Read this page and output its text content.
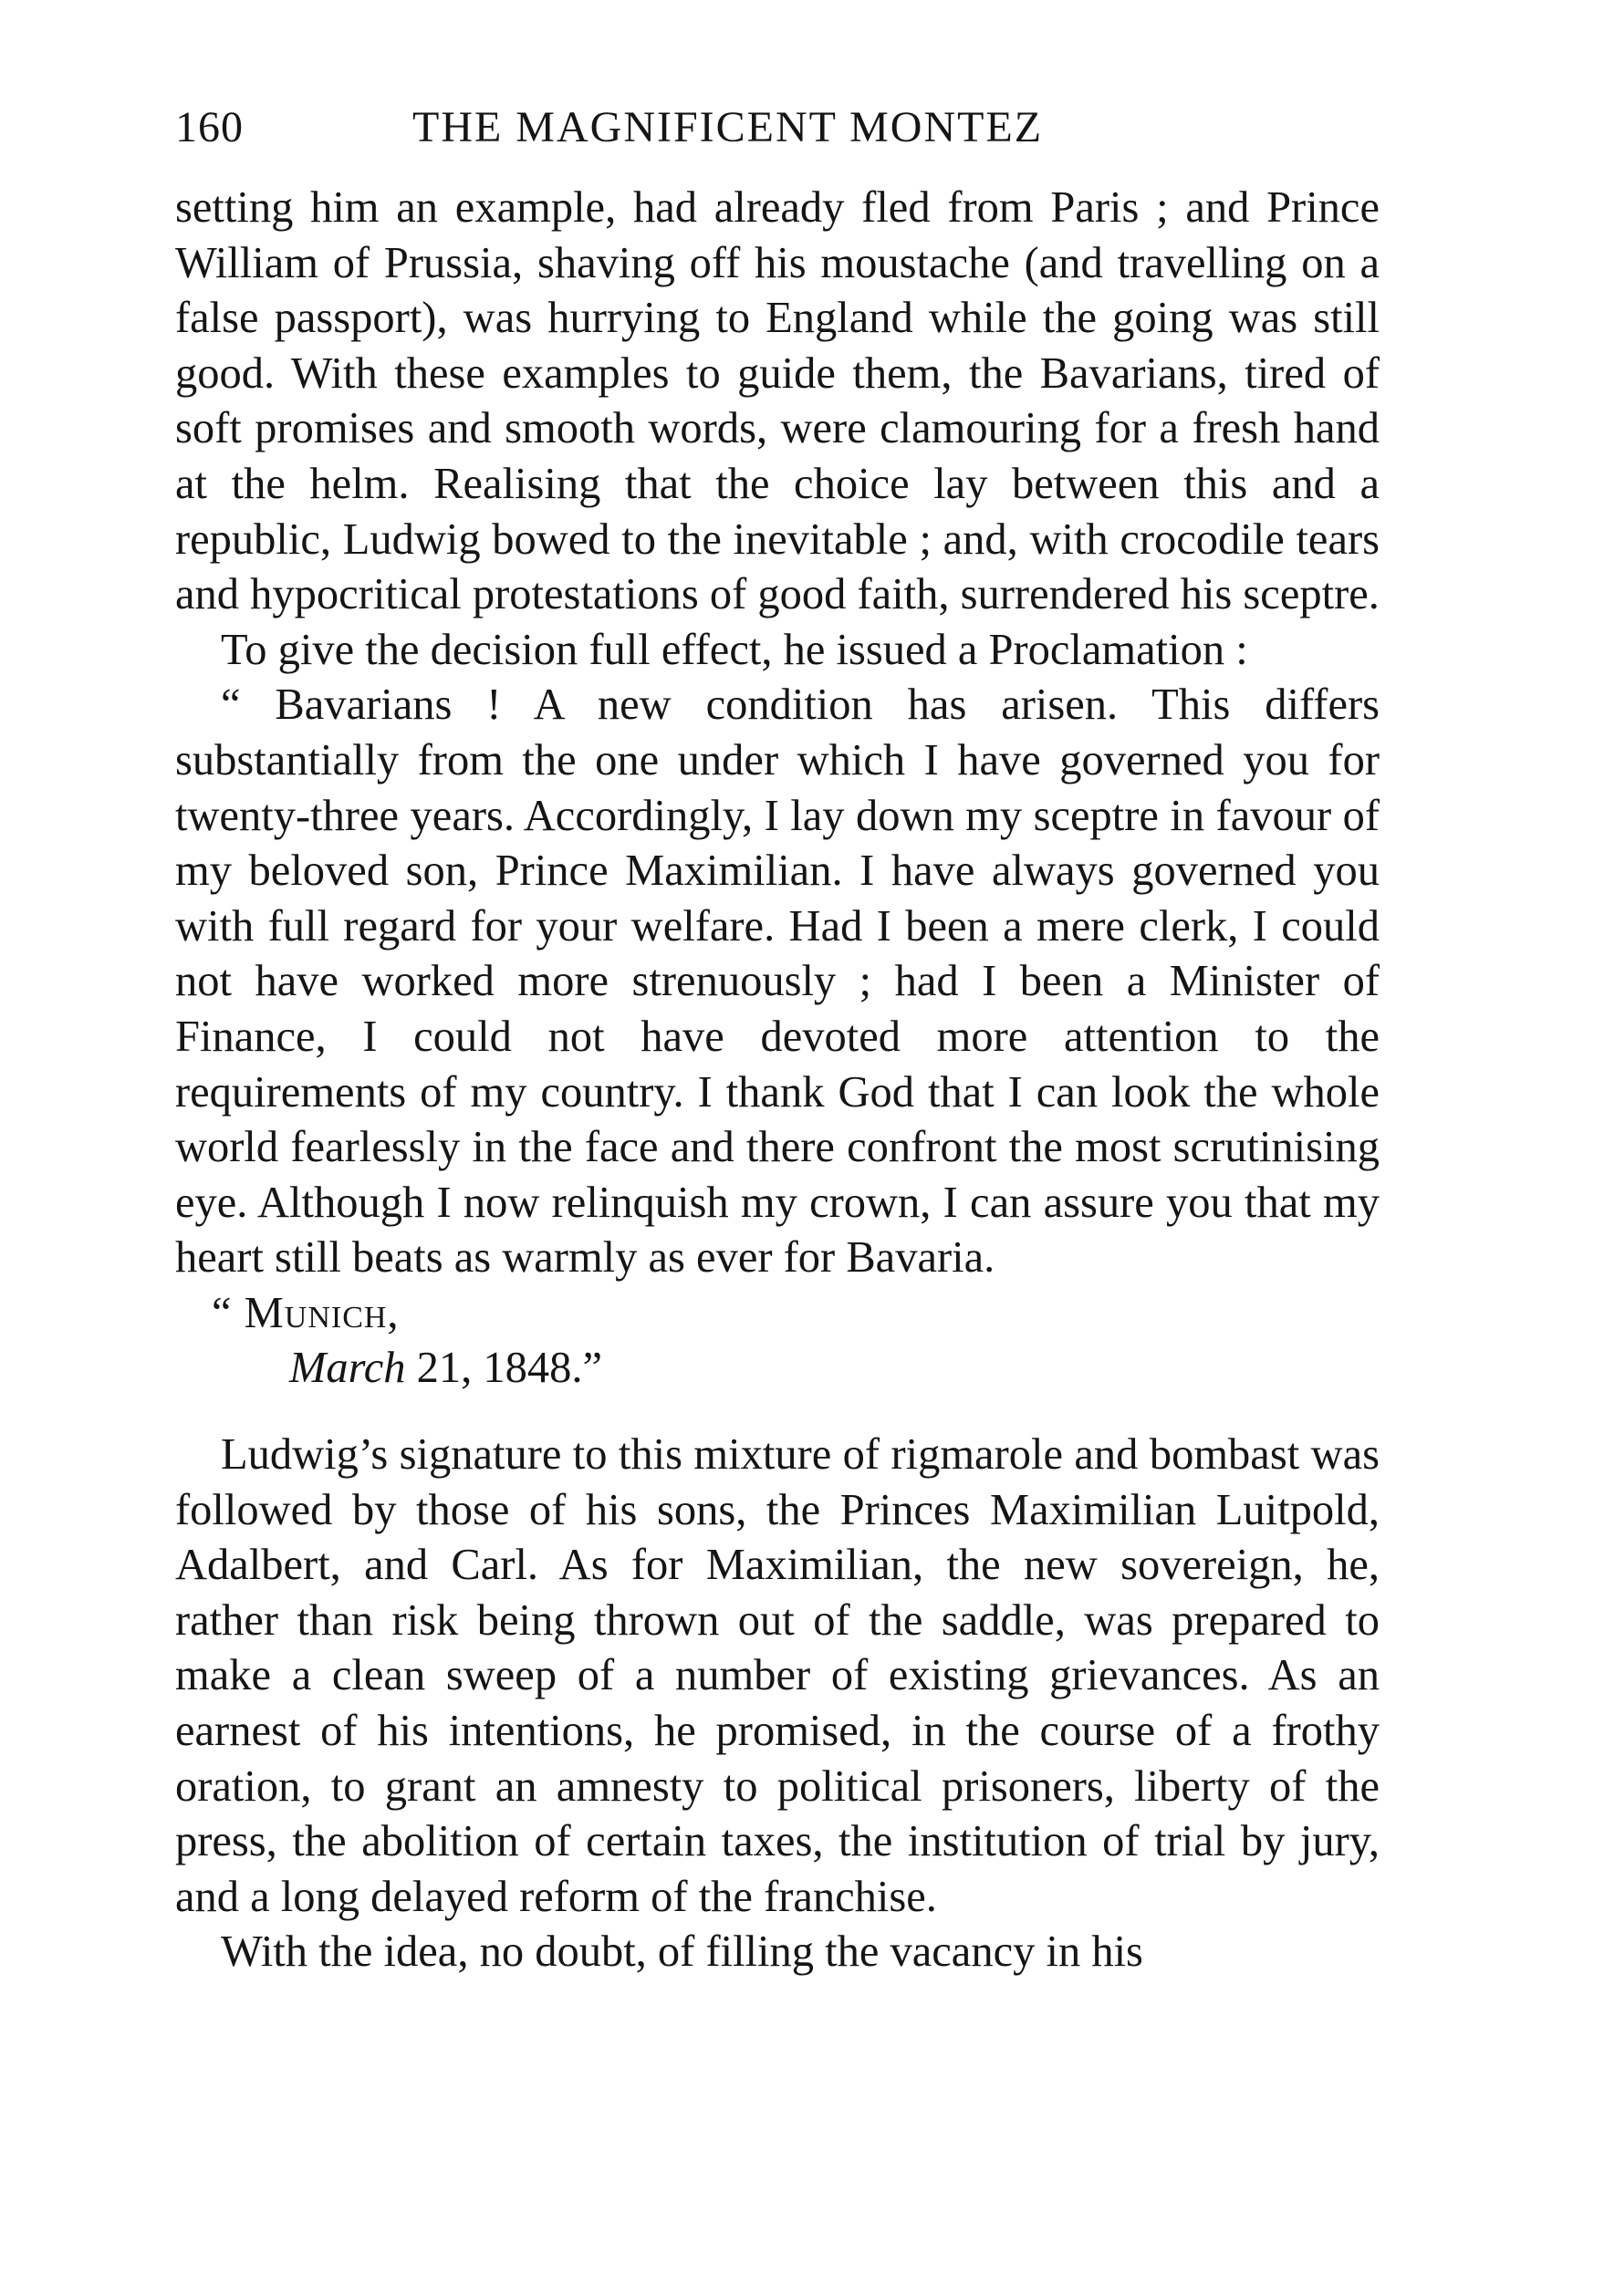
160	THE MAGNIFICENT MONTEZ

setting him an example, had already fled from Paris ; and Prince William of Prussia, shaving off his moustache (and travelling on a false passport), was hurrying to England while the going was still good. With these examples to guide them, the Bavarians, tired of soft promises and smooth words, were clamouring for a fresh hand at the helm. Realising that the choice lay between this and a republic, Ludwig bowed to the inevitable ; and, with crocodile tears and hypocritical protestations of good faith, surrendered his sceptre.

To give the decision full effect, he issued a Proclamation :

“ Bavarians ! A new condition has arisen. This differs substantially from the one under which I have governed you for twenty-three years. Accordingly, I lay down my sceptre in favour of my beloved son, Prince Maximilian. I have always governed you with full regard for your welfare. Had I been a mere clerk, I could not have worked more strenuously ; had I been a Minister of Finance, I could not have devoted more attention to the requirements of my country. I thank God that I can look the whole world fearlessly in the face and there confront the most scrutinising eye. Although I now relinquish my crown, I can assure you that my heart still beats as warmly as ever for Bavaria.

“ Munich,
March 21, 1848.”

Ludwig’s signature to this mixture of rigmarole and bombast was followed by those of his sons, the Princes Maximilian Luitpold, Adalbert, and Carl. As for Maximilian, the new sovereign, he, rather than risk being thrown out of the saddle, was prepared to make a clean sweep of a number of existing grievances. As an earnest of his intentions, he promised, in the course of a frothy oration, to grant an amnesty to political prisoners, liberty of the press, the abolition of certain taxes, the institution of trial by jury, and a long delayed reform of the franchise.

With the idea, no doubt, of filling the vacancy in his
